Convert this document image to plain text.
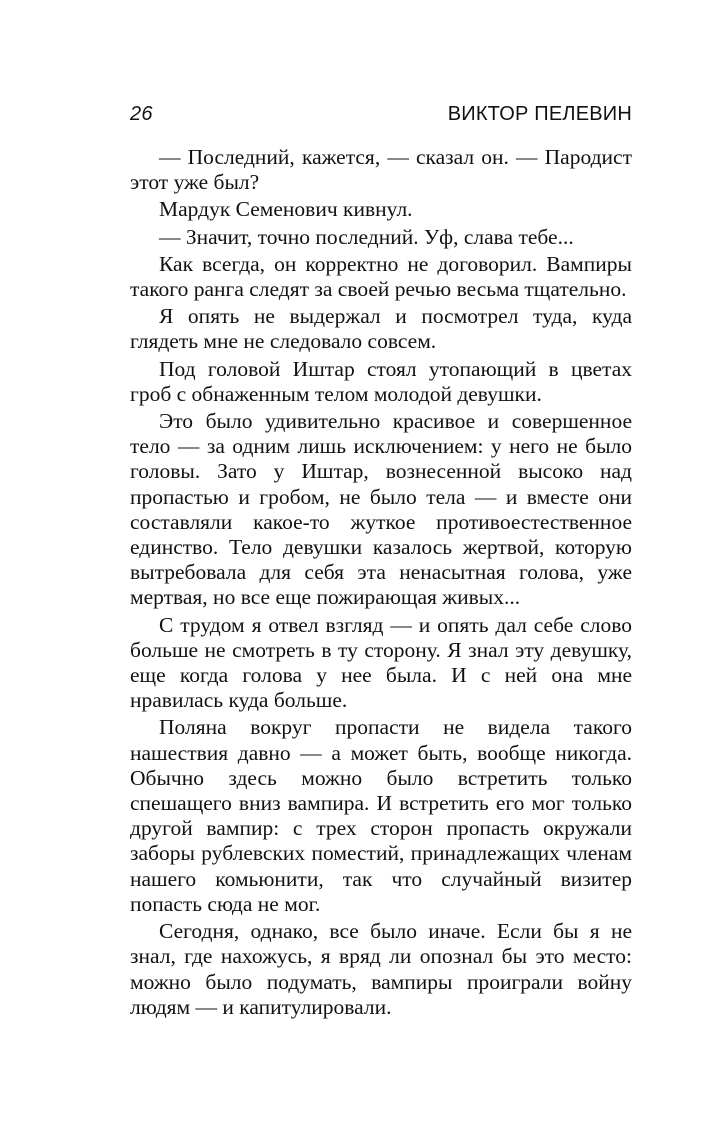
26	ВИКТОР ПЕЛЕВИН

— Последний, кажется, — сказал он. — Пародист этот уже был?

Мардук Семенович кивнул.

— Значит, точно последний. Уф, слава тебе...

Как всегда, он корректно не договорил. Вампиры такого ранга следят за своей речью весьма тщательно.

Я опять не выдержал и посмотрел туда, куда глядеть мне не следовало совсем.

Под головой Иштар стоял утопающий в цветах гроб с обнаженным телом молодой девушки.

Это было удивительно красивое и совершенное тело — за одним лишь исключением: у него не было головы. Зато у Иштар, вознесенной высоко над пропастью и гробом, не было тела — и вместе они составляли какое-то жуткое противоестественное единство. Тело девушки казалось жертвой, которую вытребовала для себя эта ненасытная голова, уже мертвая, но все еще пожирающая живых...

С трудом я отвел взгляд — и опять дал себе слово больше не смотреть в ту сторону. Я знал эту девушку, еще когда голова у нее была. И с ней она мне нравилась куда больше.

Поляна вокруг пропасти не видела такого нашествия давно — а может быть, вообще никогда. Обычно здесь можно было встретить только спешащего вниз вампира. И встретить его мог только другой вампир: с трех сторон пропасть окружали заборы рублевских поместий, принадлежащих членам нашего комьюнити, так что случайный визитер попасть сюда не мог.

Сегодня, однако, все было иначе. Если бы я не знал, где нахожусь, я вряд ли опознал бы это место: можно было подумать, вампиры проиграли войну людям — и капитулировали.
